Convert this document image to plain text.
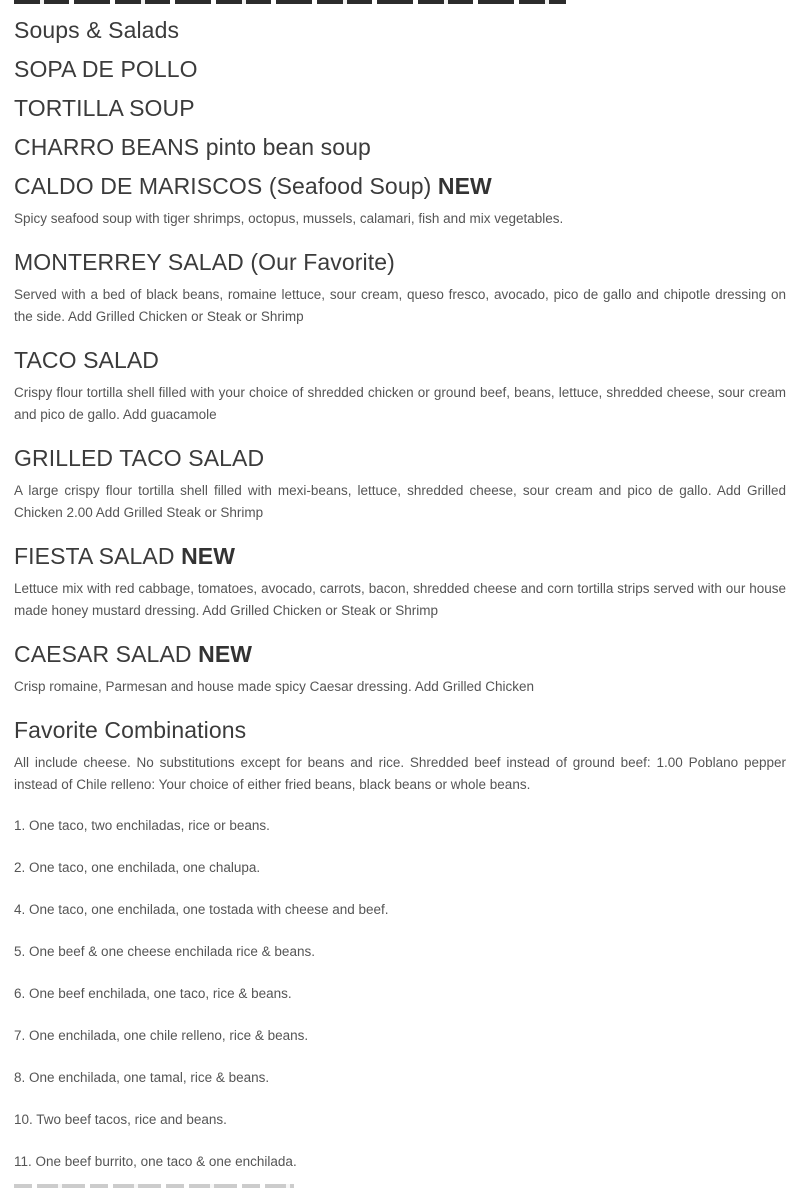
Soups & Salads
SOPA DE POLLO
TORTILLA SOUP
CHARRO BEANS pinto bean soup
CALDO DE MARISCOS (Seafood Soup) NEW

Spicy seafood soup with tiger shrimps, octopus, mussels, calamari, fish and mix vegetables.

MONTERREY SALAD (Our Favorite)

Served with a bed of black beans, romaine lettuce, sour cream, queso fresco, avocado, pico de gallo and chipotle dressing on the side. Add Grilled Chicken or Steak or Shrimp

TACO SALAD

Crispy flour tortilla shell filled with your choice of shredded chicken or ground beef, beans, lettuce, shredded cheese, sour cream and pico de gallo. Add guacamole

GRILLED TACO SALAD

A large crispy flour tortilla shell filled with mexi-beans, lettuce, shredded cheese, sour cream and pico de gallo. Add Grilled Chicken 2.00 Add Grilled Steak or Shrimp

FIESTA SALAD NEW

Lettuce mix with red cabbage, tomatoes, avocado, carrots, bacon, shredded cheese and corn tortilla strips served with our house made honey mustard dressing. Add Grilled Chicken or Steak or Shrimp

CAESAR SALAD NEW

Crisp romaine, Parmesan and house made spicy Caesar dressing. Add Grilled Chicken

Favorite Combinations

All include cheese. No substitutions except for beans and rice. Shredded beef instead of ground beef: 1.00 Poblano pepper instead of Chile relleno: Your choice of either fried beans, black beans or whole beans.

1. One taco, two enchiladas, rice or beans.

2. One taco, one enchilada, one chalupa.

4. One taco, one enchilada, one tostada with cheese and beef.

5. One beef & one cheese enchilada rice & beans.

6. One beef enchilada, one taco, rice & beans.

7. One enchilada, one chile relleno, rice & beans.

8. One enchilada, one tamal, rice & beans.

10. Two beef tacos, rice and beans.

11. One beef burrito, one taco & one enchilada.
